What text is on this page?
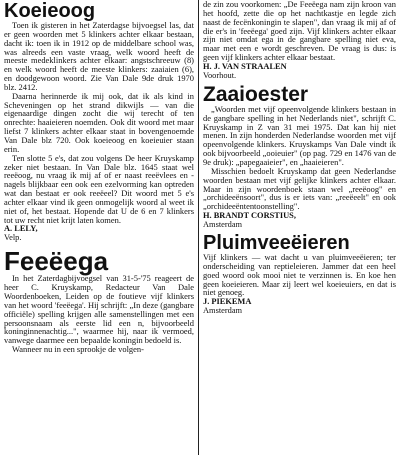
Koeieoog

Toen ik gisteren in het Zaterdagse bijvoegsel las, dat er geen woorden met 5 klinkers achter elkaar bestaan, dacht ik: toen ik in 1912 op de middelbare school was, was alreeds een vaste vraag, welk woord heeft de meeste medeklinkers achter elkaar: angstschreeuw (8) en welk woord heeft de meeste klinkers: zaaiaien (6), en doodgewoon woord. Zie Van Dale 9de druk 1970 blz. 2412.

Daarna herinnerde ik mij ook, dat ik als kind in Scheveningen op het strand dikwijls — van die eigenaardige dingen zocht die wij terecht of ten onrechte: haaieieren noemden. Ook dit woord met maar liefst 7 klinkers achter elkaar staat in bovengenoemde Van Dale blz 720. Ook koeieoog en koeieuier staan erin.

Ten slotte 5 e's, dat zou volgens De heer Kruyskamp zeker niet bestaan. In Van Dale blz. 1645 staat wel reeëoog, nu vraag ik mij af of er naast reeëvlees en -nagels blijkbaar een ook een ezelvorming kan optreden wat dan bestaat er ook reeëeel? Dit woord met 5 e's achter elkaar vind ik geen onmogelijk woord al weet ik niet of, het bestaat. Hopende dat U de 6 en 7 klinkers tot uw recht niet krijt laten komen.

A. LELY,
Velp.

Feeëega

In het Zaterdagbijvoegsel van 31-5-'75 reageert de heer C. Kruyskamp, Redacteur Van Dale Woordenboeken, Leiden op de foutieve vijf klinkers van het woord 'feeëega'. Hij schrijft: „In deze (gangbare officiële) spelling krijgen alle samenstellingen met een persoonsnaam als eerste lid een n, bijvoorbeeld koninginnenachtig...", waarmee hij, naar ik vermoed, vanwege daarmee een bepaalde koningin bedoeld is.

Wanneer nu in een sprookje de volgen-

de zin zou voorkomen: „De Feeëega nam zijn kroon van het hoofd, zette die op het nachtkastje en legde zich naast de fecënkoningin te slapen", dan vraag ik mij af of die er's in 'feeëega' goed zijn. Vijf klinkers achter elkaar zijn niet omdat ega in de gangbare spelling niet eva, maar met een e wordt geschreven. De vraag is dus: is geen vijf klinkers achter elkaar bestaat.

H. J. VAN STRAALEN
Voorhout.

Zaaioester

„Woorden met vijf opeenvolgende klinkers bestaan in de gangbare spelling in het Nederlands niet", schrijft C. Kruyskamp in Z van 31 mei 1975. Dat kan hij niet menen. In zijn honderden Nederlandse woorden met vijf opeenvolgende klinkers. Kruyskamps Van Dale vindt ik ook bijvoorbeeld „ooieuier" (op pag. 729 en 1476 van de 9e druk): „papegaaieier", en „haaieieren".

Misschien bedoelt Kruyskamp dat geen Nederlandse woorden bestaan met vijf gelijke klinkers achter elkaar. Maar in zijn woordenboek staan wel „reeëoog" en „orchideeënsoort", dus is er iets van: „reeëeelt" en ook „orchideeëntentoonstelling".

H. BRANDT CORSTIUS,
Amsterdam

Pluimveeëieren

Vijf klinkers — wat dacht u van pluimveeëieren; ter onderscheiding van reptieleieren. Jammer dat een heel goed woord ook mooi niet te verzinnen is. En koe hen geen koeieieren. Maar zij leert wel koeieuiers, en dat is niet genoeg.

J. PIEKEMA
Amsterdam
